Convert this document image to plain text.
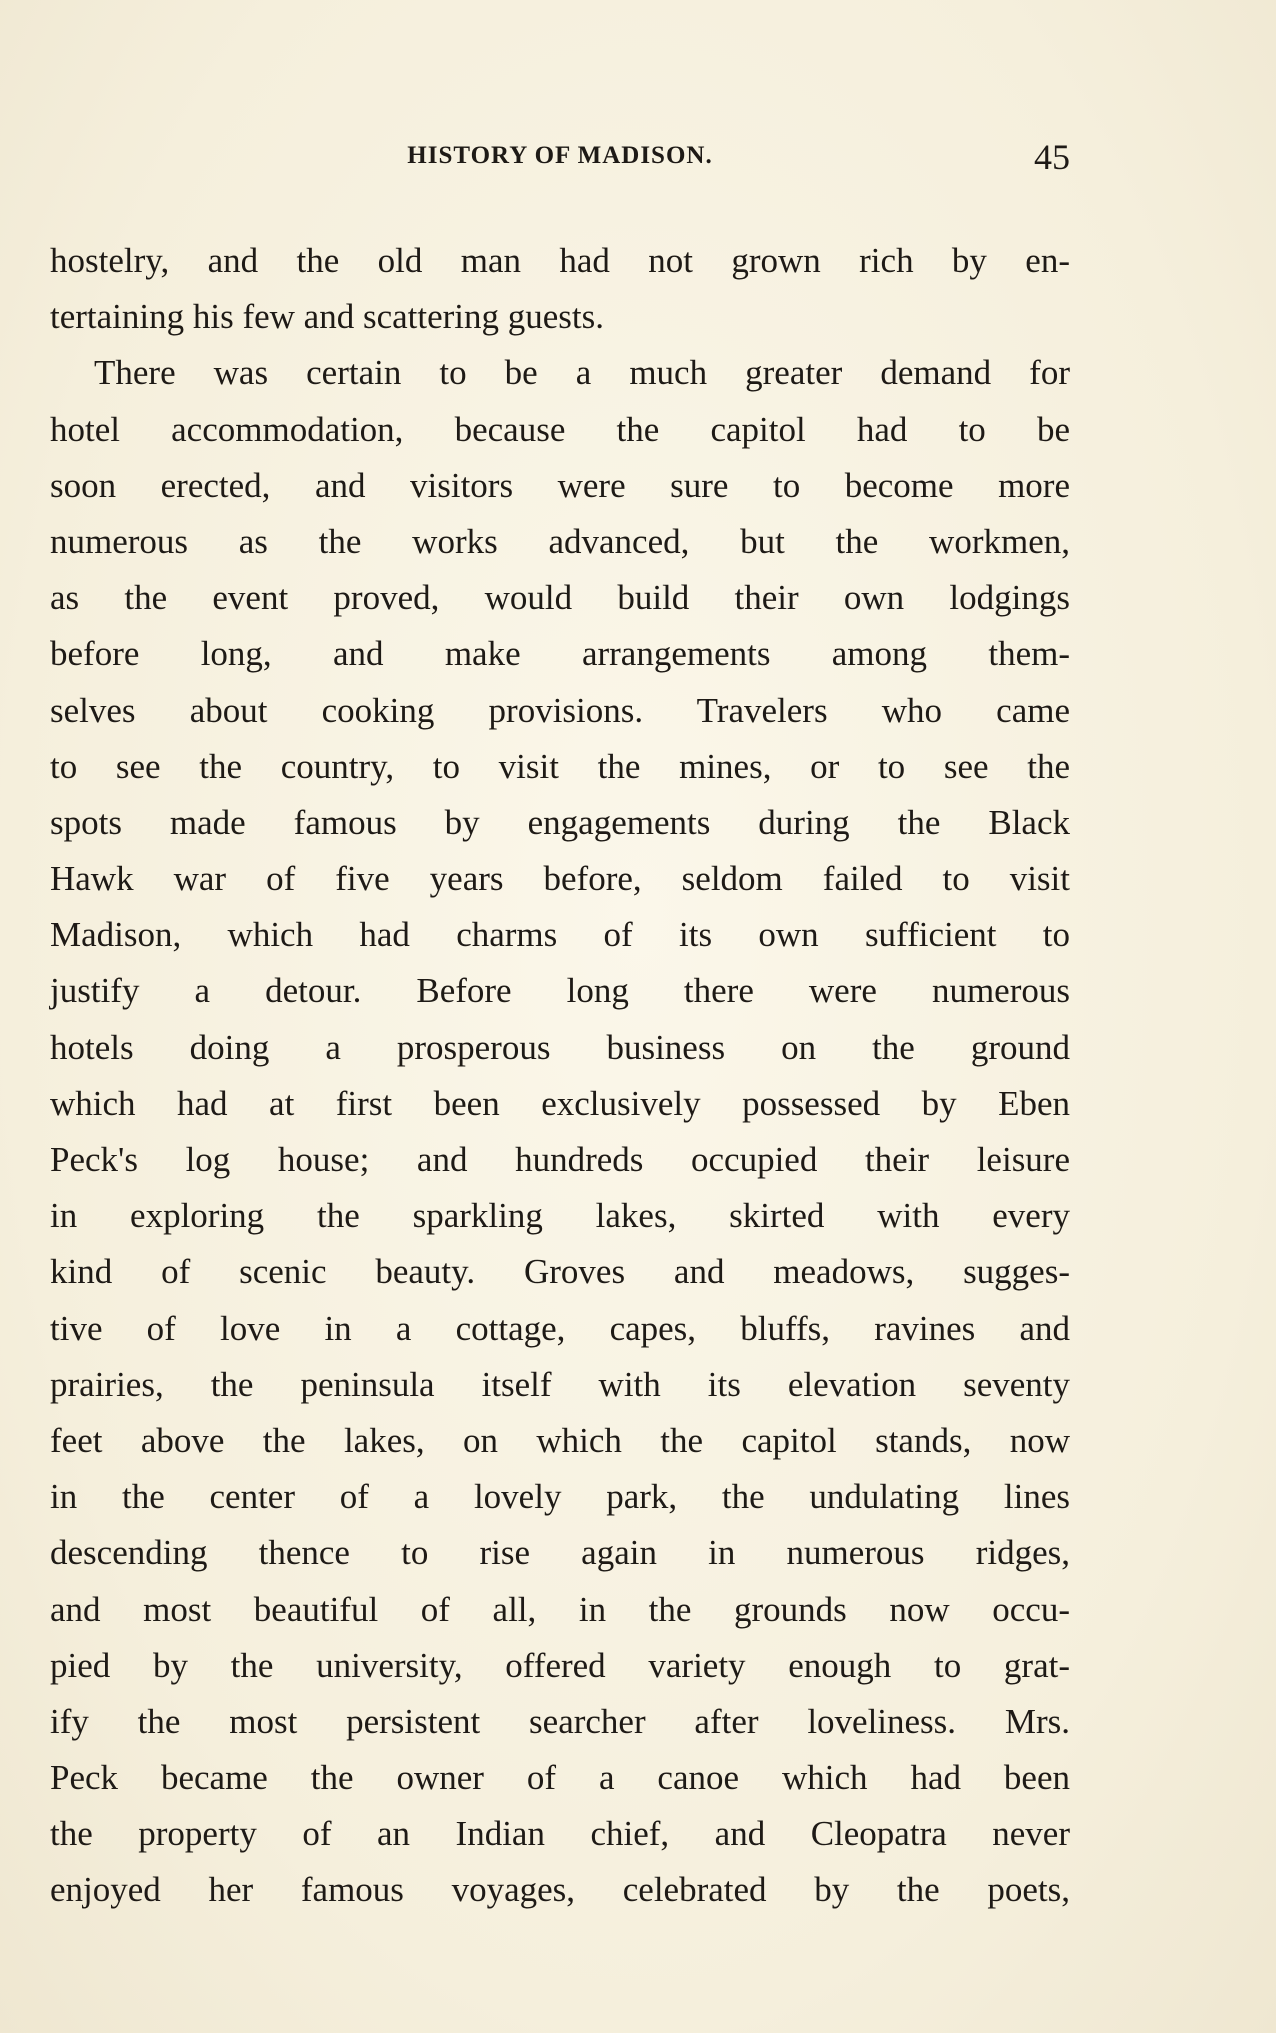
HISTORY OF MADISON.	45
hostelry, and the old man had not grown rich by en-
tertaining his few and scattering guests.
There was certain to be a much greater demand for
hotel accommodation, because the capitol had to be
soon erected, and visitors were sure to become more
numerous as the works advanced, but the workmen,
as the event proved, would build their own lodgings
before long, and make arrangements among them-
selves about cooking provisions. Travelers who came
to see the country, to visit the mines, or to see the
spots made famous by engagements during the Black
Hawk war of five years before, seldom failed to visit
Madison, which had charms of its own sufficient to
justify a detour. Before long there were numerous
hotels doing a prosperous business on the ground
which had at first been exclusively possessed by Eben
Peck's log house; and hundreds occupied their leisure
in exploring the sparkling lakes, skirted with every
kind of scenic beauty. Groves and meadows, sugges-
tive of love in a cottage, capes, bluffs, ravines and
prairies, the peninsula itself with its elevation seventy
feet above the lakes, on which the capitol stands, now
in the center of a lovely park, the undulating lines
descending thence to rise again in numerous ridges,
and most beautiful of all, in the grounds now occu-
pied by the university, offered variety enough to grat-
ify the most persistent searcher after loveliness. Mrs.
Peck became the owner of a canoe which had been
the property of an Indian chief, and Cleopatra never
enjoyed her famous voyages, celebrated by the poets,
